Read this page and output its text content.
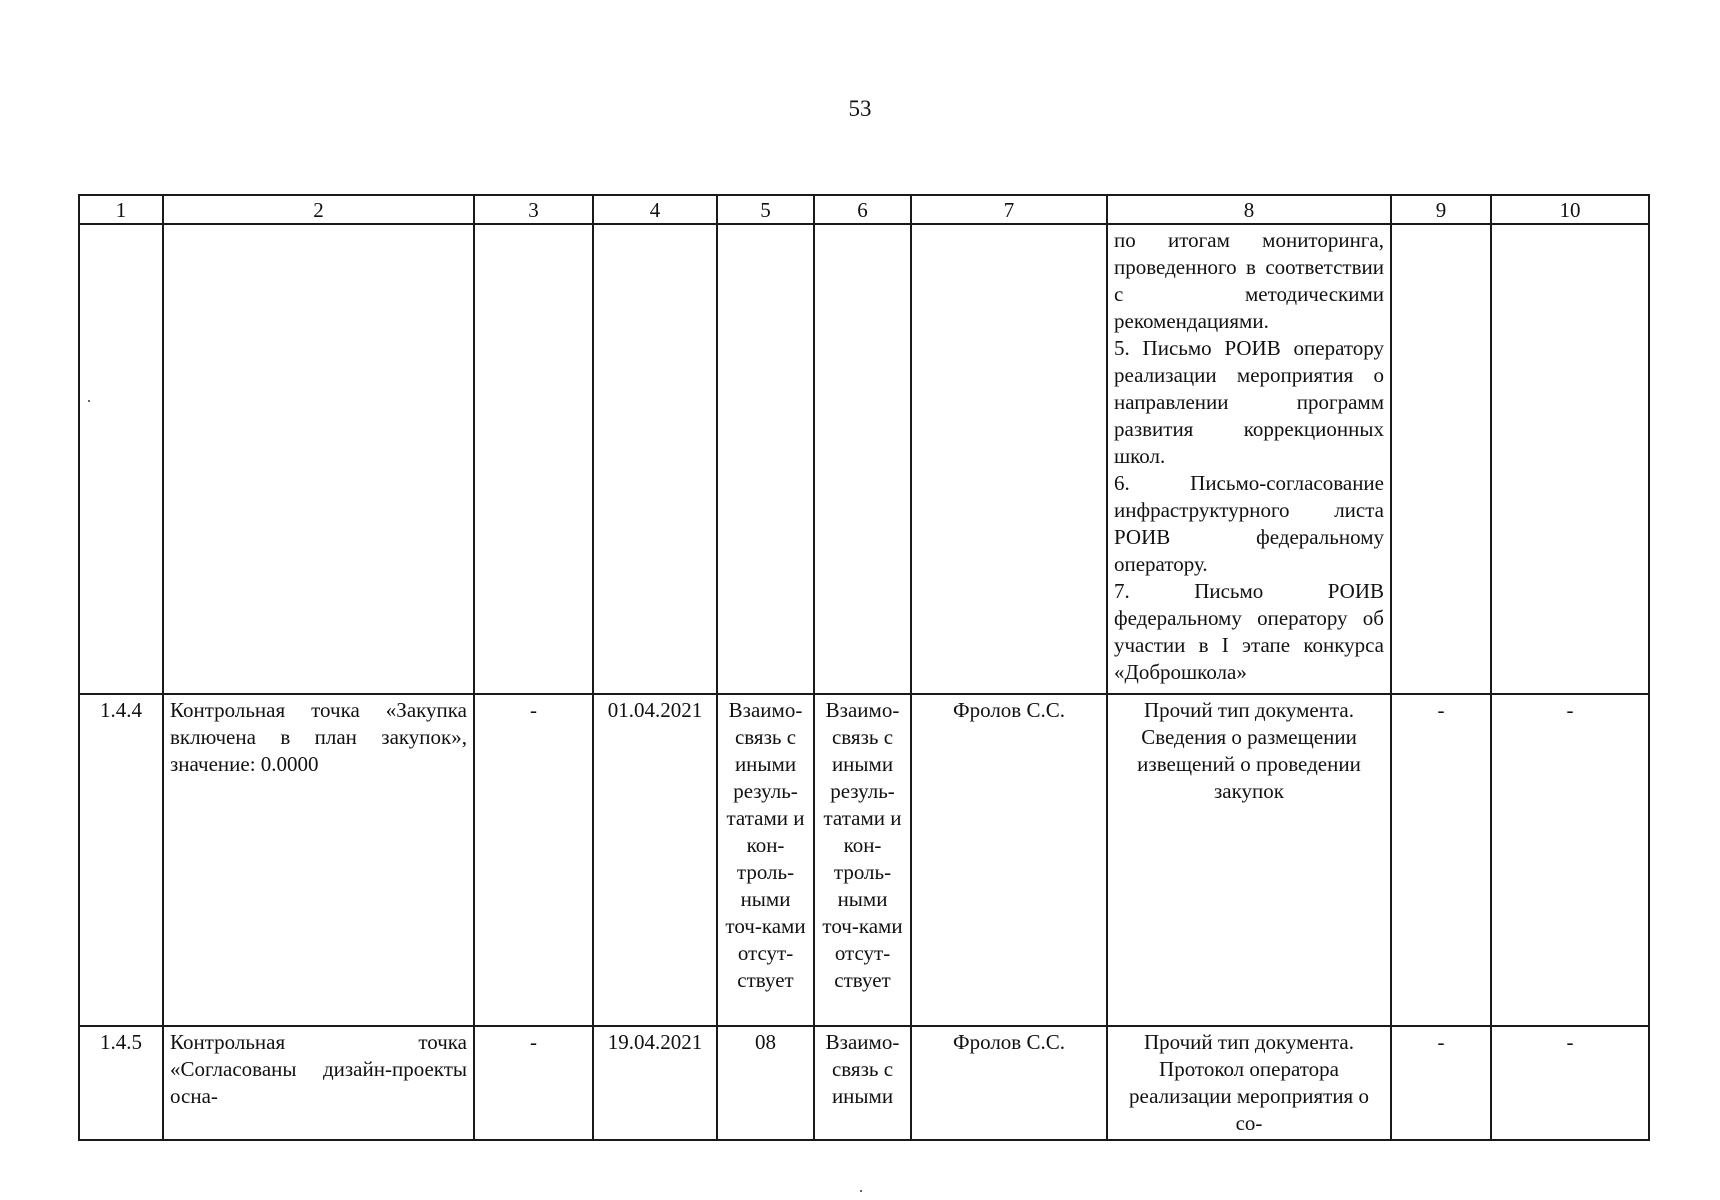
53
1	2	3	4	5	6	7	8	9	10
							по итогам мониторинга, проведенного в соответствии с методическими рекомендациями.
5. Письмо РОИВ оператору реализации мероприятия о направлении программ развития коррекционных школ.
6. Письмо-согласование инфраструктурного листа РОИВ федеральному оператору.
7. Письмо РОИВ федеральному оператору об участии в I этапе конкурса «Доброшкола»		
1.4.4	Контрольная точка «Закупка включена в план закупок», значение: 0.0000	-	01.04.2021	Взаимо-связь с иными резуль-татами и кон-троль-ными точ-ками отсут-ствует	Взаимо-связь с иными резуль-татами и кон-троль-ными точ-ками отсут-ствует	Фролов С.С.	Прочий тип документа. Сведения о размещении извещений о проведении закупок	-	-
1.4.5	Контрольная точка «Согласованы дизайн-проекты осна-	-	19.04.2021	08	Взаимо-связь с иными	Фролов С.С.	Прочий тип документа. Протокол оператора реализации мероприятия о со-	-	-
